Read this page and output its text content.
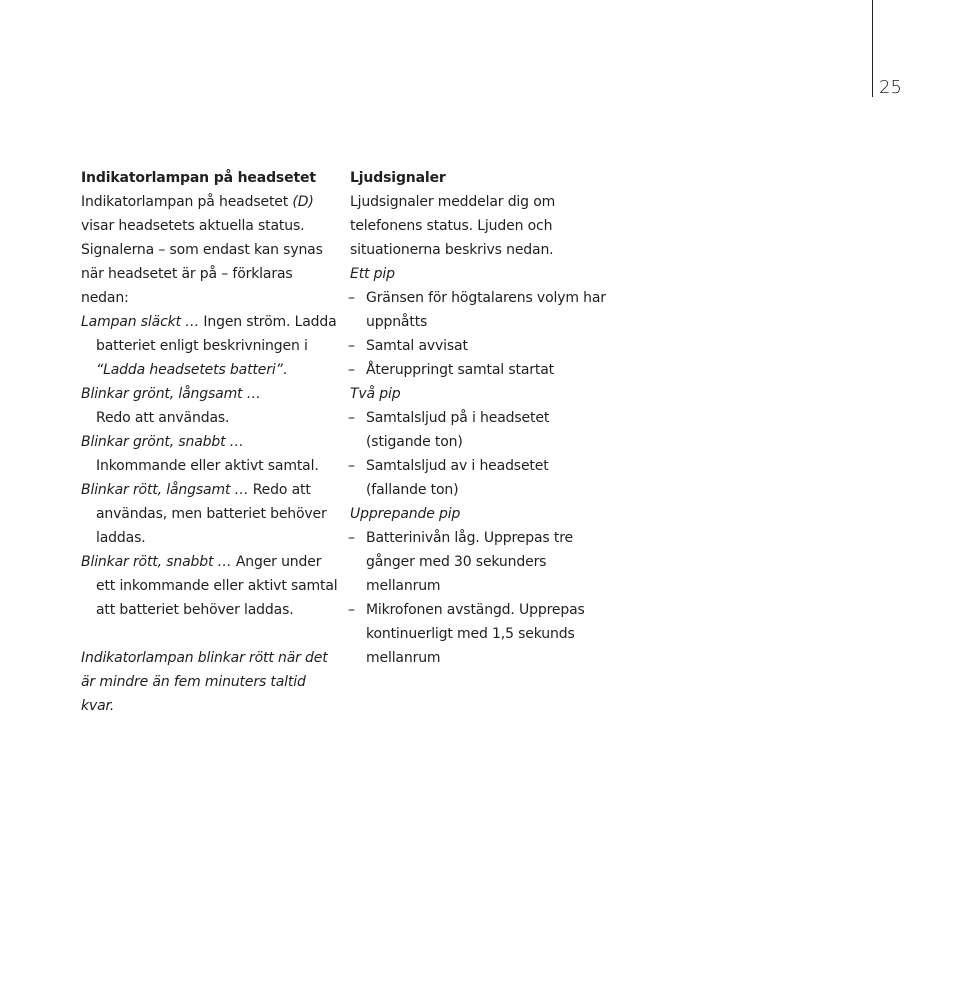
25
Indikatorlampan på headsetet
Indikatorlampan på headsetet (D) visar headsetets aktuella status. Signalerna – som endast kan synas när headsetet är på – förklaras nedan:
Lampan släckt … Ingen ström. Ladda batteriet enligt beskrivningen i “Ladda headsetets batteri”.
Blinkar grönt, långsamt …
Redo att användas.
Blinkar grönt, snabbt …
Inkommande eller aktivt samtal.
Blinkar rött, långsamt … Redo att användas, men batteriet behöver laddas.
Blinkar rött, snabbt … Anger under ett inkommande eller aktivt samtal att batteriet behöver laddas.
Indikatorlampan blinkar rött när det är mindre än fem minuters taltid kvar.
Ljudsignaler
Ljudsignaler meddelar dig om telefonens status. Ljuden och situationerna beskrivs nedan.
Ett pip
– Gränsen för högtalarens volym har uppnåtts
– Samtal avvisat
– Återuppringt samtal startat
Två pip
– Samtalsljud på i headsetet (stigande ton)
– Samtalsljud av i headsetet (fallande ton)
Upprepande pip
– Batterinivån låg. Upprepas tre gånger med 30 sekunders mellanrum
– Mikrofonen avstängd. Upprepas kontinuerligt med 1,5 sekunds mellanrum
